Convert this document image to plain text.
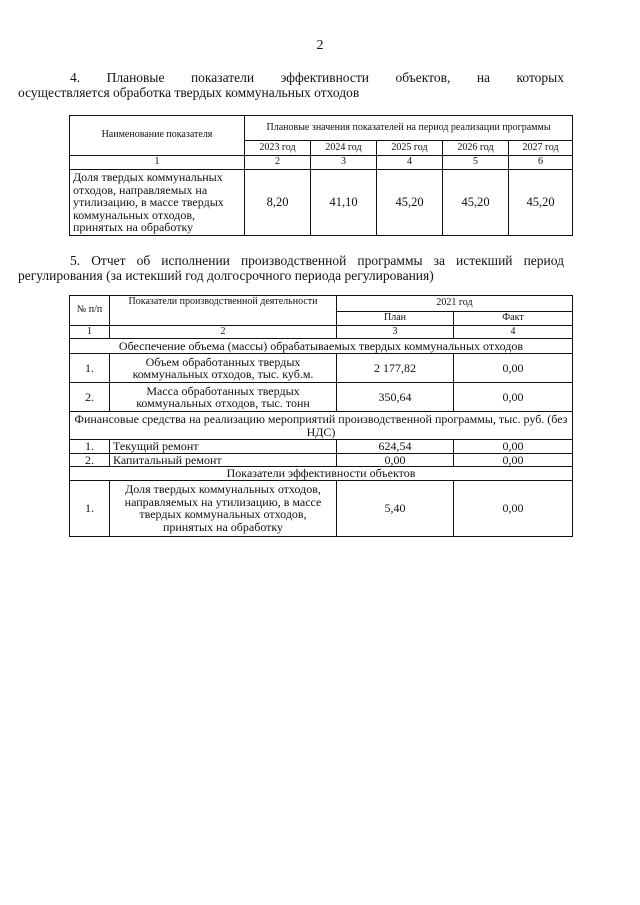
2
4. Плановые показатели эффективности объектов, на которых
осуществляется обработка твердых коммунальных отходов
Наименование показателя	Плановые значения показателей на период реализации программы				
	2023 год	2024 год	2025 год	2026 год	2027 год
1	2	3	4	5	6
Доля твердых коммунальных отходов, направляемых на утилизацию, в массе твердых коммунальных отходов, принятых на обработку	8,20	41,10	45,20	45,20	45,20
5. Отчет об исполнении производственной программы за истекший период
регулирования (за истекший год долгосрочного периода регулирования)
№ п/п	Показатели производственной деятельности	2021 год	
		План	Факт
1	2	3	4
Обеспечение объема (массы) обрабатываемых твердых коммунальных отходов			
1.	Объем обработанных твердых коммунальных отходов, тыс. куб.м.	2 177,82	0,00
2.	Масса обработанных твердых коммунальных отходов, тыс. тонн	350,64	0,00
Финансовые средства на реализацию мероприятий производственной программы, тыс. руб. (без НДС)			
1.	Текущий ремонт	624,54	0,00
2.	Капитальный ремонт	0,00	0,00
Показатели эффективности объектов			
1.	Доля твердых коммунальных отходов, направляемых на утилизацию, в массе твердых коммунальных отходов, принятых на обработку	5,40	0,00
